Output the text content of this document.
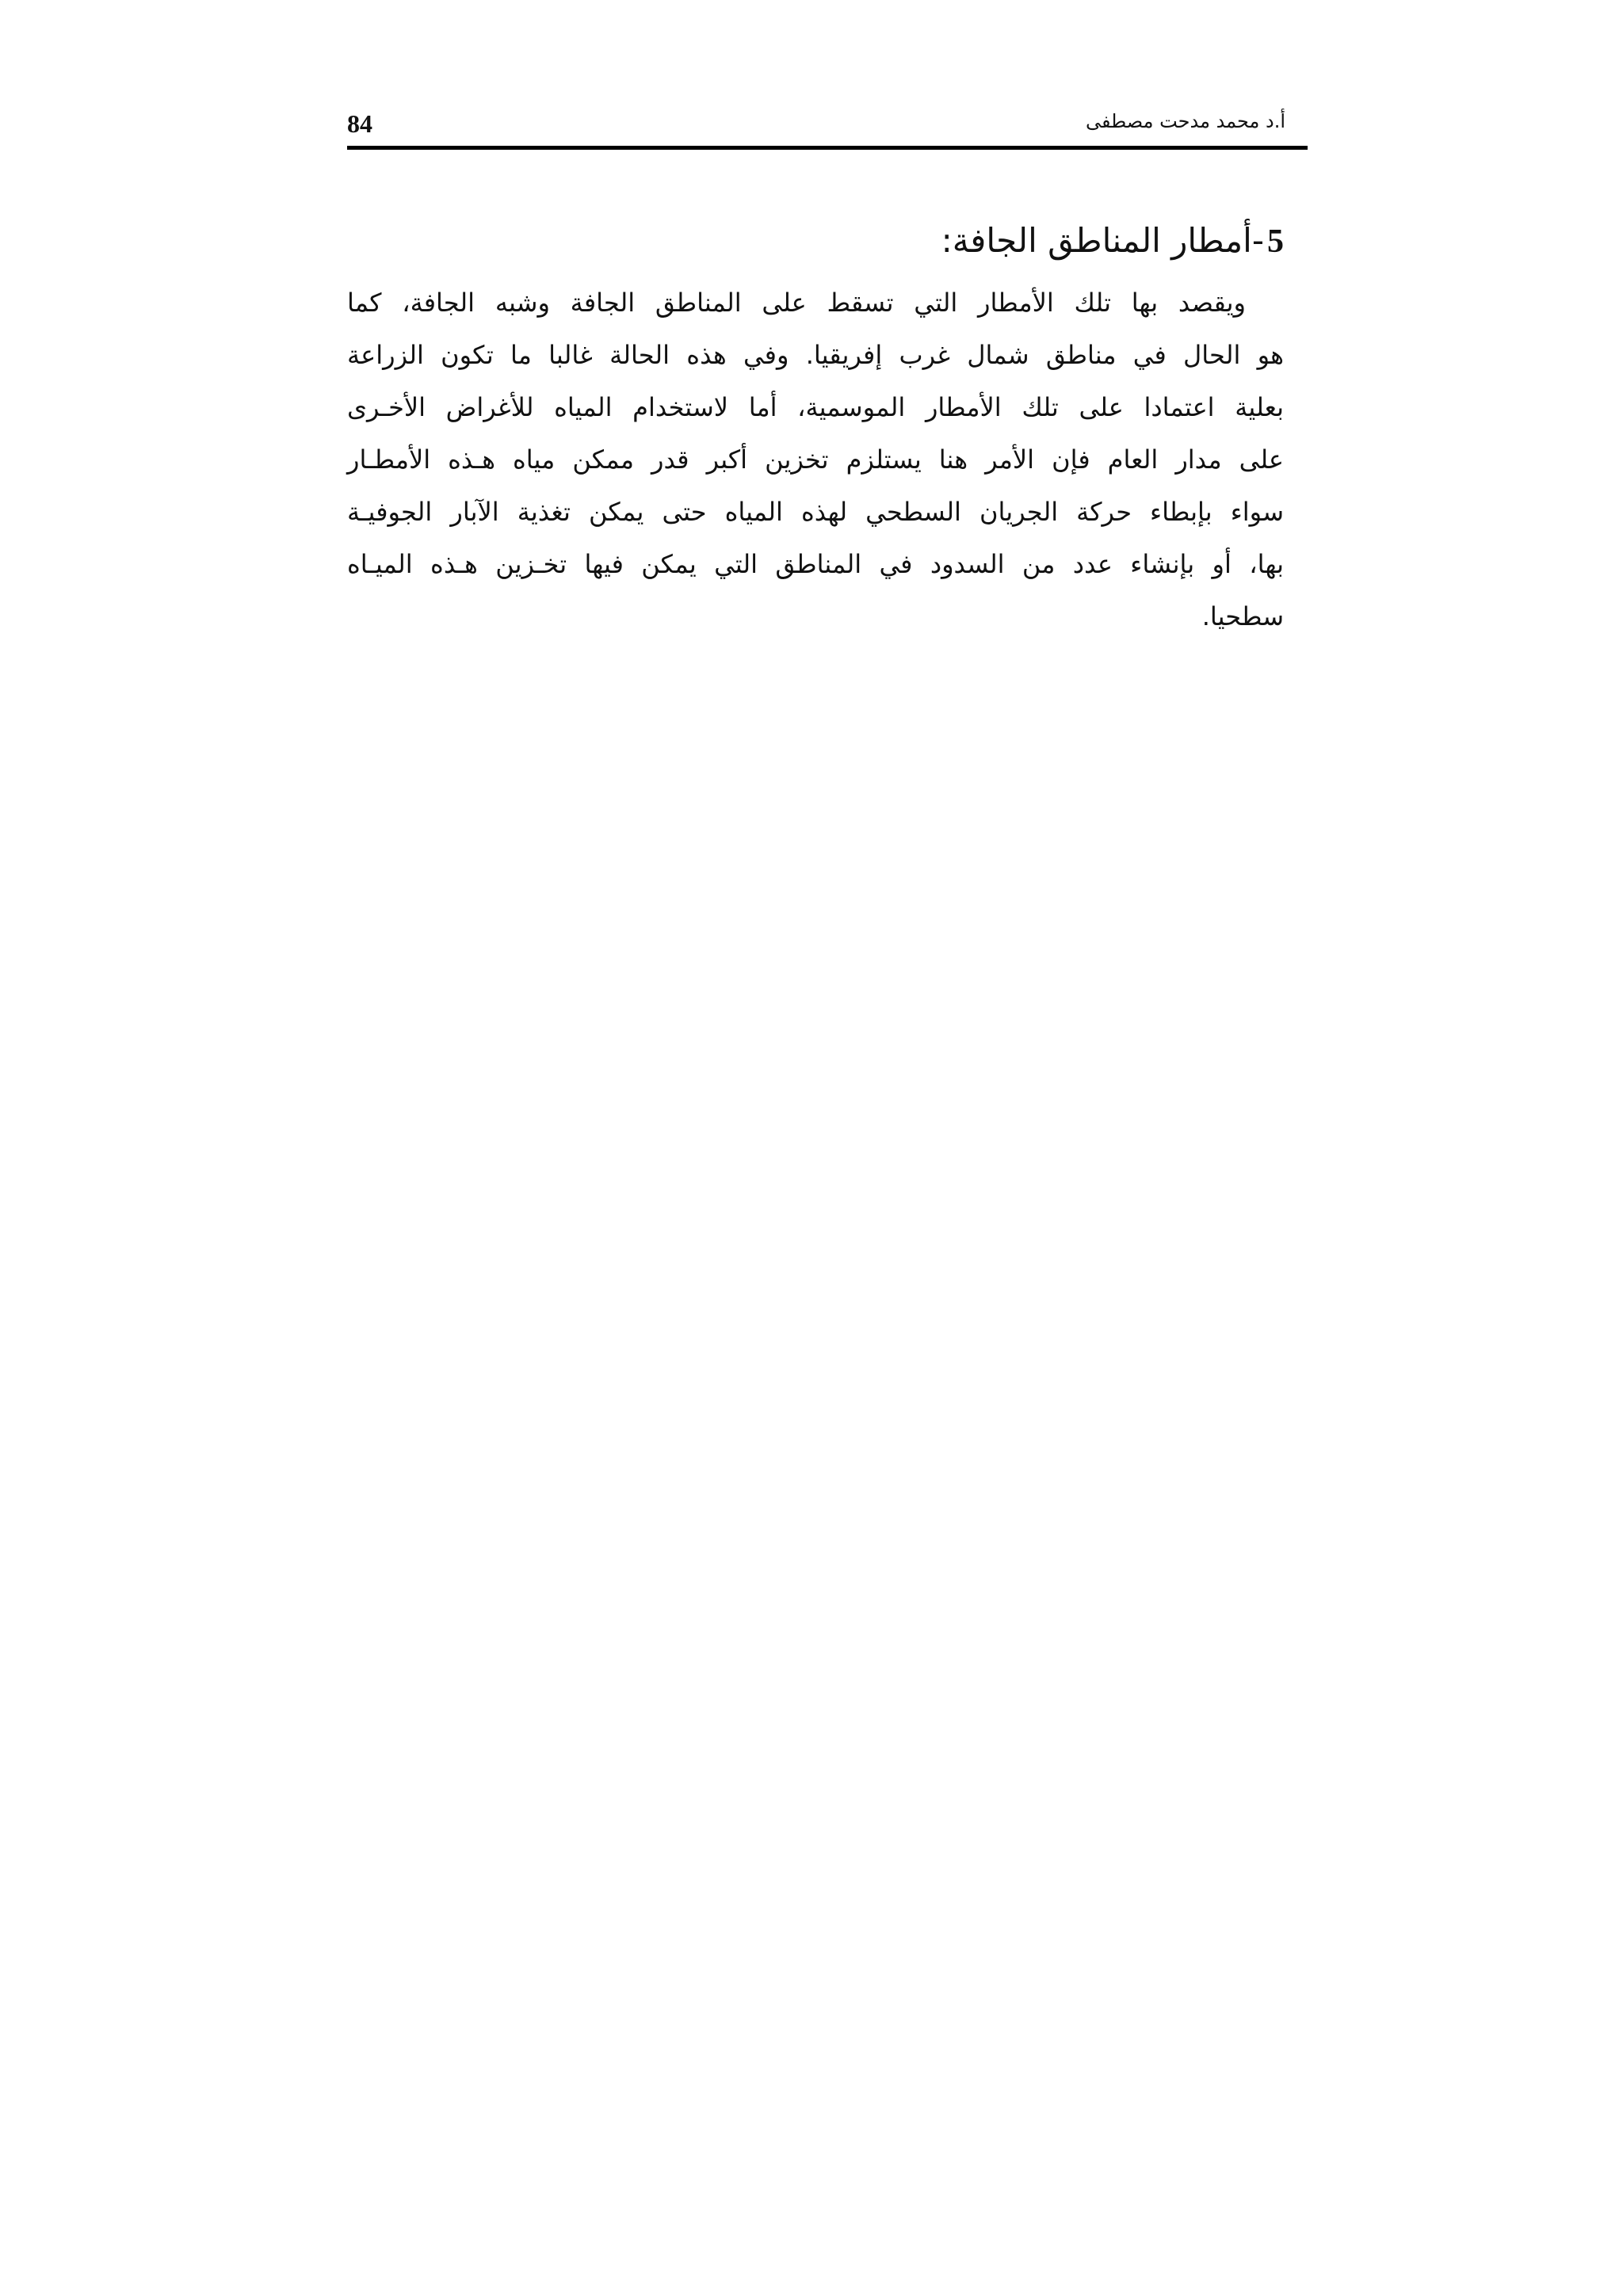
84	أ.د محمد مدحت مصطفى
5-أمطار المناطق الجافة:

ويقصد بها تلك الأمطار التي تسقط على المناطق الجافة وشبه الجافة، كما
هو الحال في مناطق شمال غرب إفريقيا. وفي هذه الحالة غالبا ما تكون الزراعة
بعلية اعتمادا على تلك الأمطار الموسمية، أما لاستخدام المياه للأغراض الأخـرى
على مدار العام فإن الأمر هنا يستلزم تخزين أكبر قدر ممكن مياه هـذه الأمطـار
سواء بإبطاء حركة الجريان السطحي لهذه المياه حتى يمكن تغذية الآبار الجوفيـة
بها، أو بإنشاء عدد من السدود في المناطق التي يمكن فيها تخـزين هـذه الميـاه
سطحيا.
